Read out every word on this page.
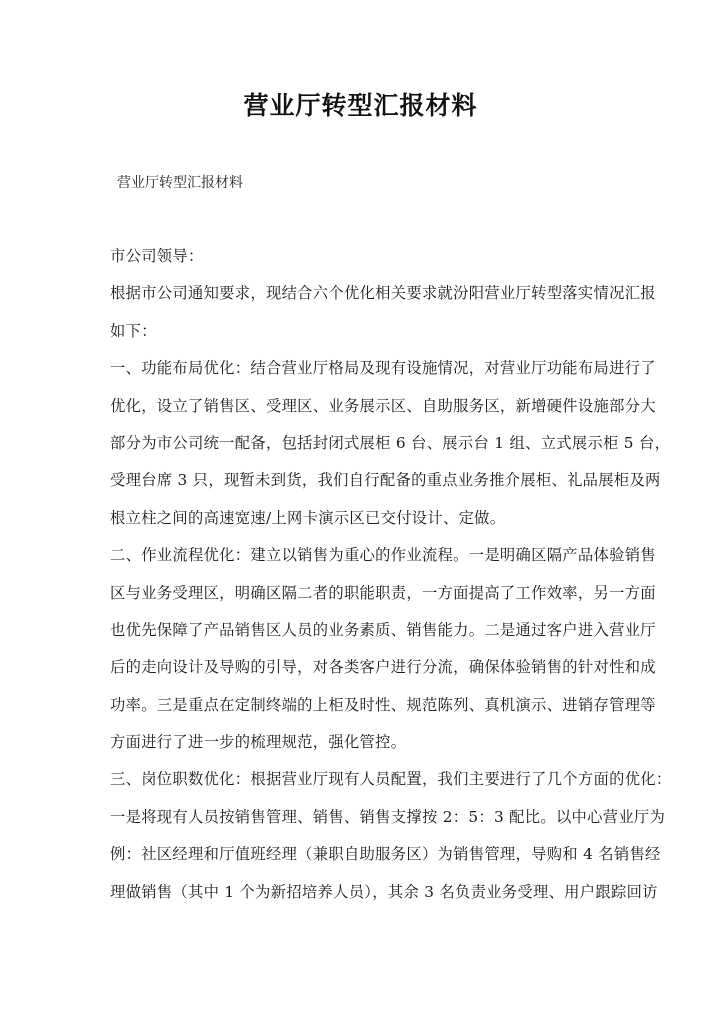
营业厅转型汇报材料
营业厅转型汇报材料
市公司领导：
根据市公司通知要求，现结合六个优化相关要求就汾阳营业厅转型落实情况汇报
如下：
一、功能布局优化：结合营业厅格局及现有设施情况，对营业厅功能布局进行了
优化，设立了销售区、受理区、业务展示区、自助服务区，新增硬件设施部分大
部分为市公司统一配备，包括封闭式展柜 6 台、展示台 1 组、立式展示柜 5 台，
受理台席 3 只，现暂未到货，我们自行配备的重点业务推介展柜、礼品展柜及两
根立柱之间的高速宽速/上网卡演示区已交付设计、定做。
二、作业流程优化：建立以销售为重心的作业流程。一是明确区隔产品体验销售
区与业务受理区，明确区隔二者的职能职责，一方面提高了工作效率，另一方面
也优先保障了产品销售区人员的业务素质、销售能力。二是通过客户进入营业厅
后的走向设计及导购的引导，对各类客户进行分流，确保体验销售的针对性和成
功率。三是重点在定制终端的上柜及时性、规范陈列、真机演示、进销存管理等
方面进行了进一步的梳理规范，强化管控。
三、岗位职数优化：根据营业厅现有人员配置，我们主要进行了几个方面的优化：
一是将现有人员按销售管理、销售、销售支撑按 2：5：3 配比。以中心营业厅为
例：社区经理和厅值班经理（兼职自助服务区）为销售管理，导购和 4 名销售经
理做销售（其中 1 个为新招培养人员），其余 3 名负责业务受理、用户跟踪回访
